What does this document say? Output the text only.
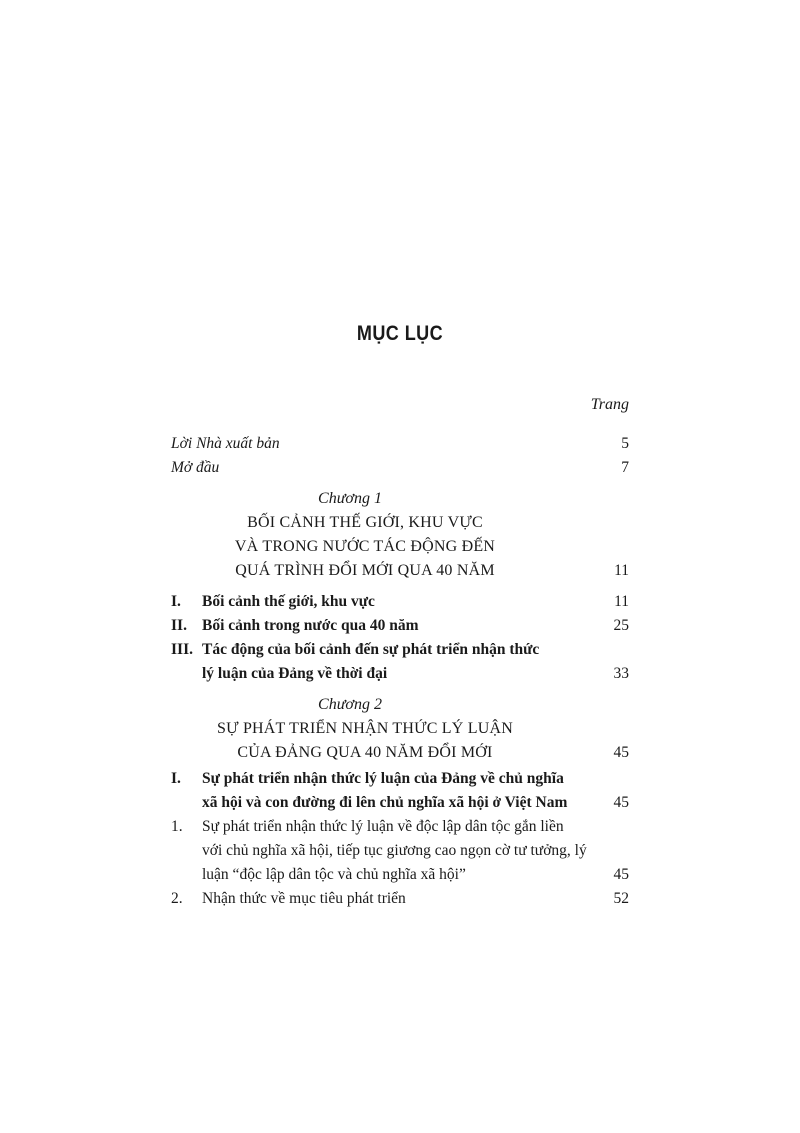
MỤC LỤC
Trang
Lời Nhà xuất bản	5
Mở đầu	7
Chương 1
BỐI CẢNH THẾ GIỚI, KHU VỰC
VÀ TRONG NƯỚC TÁC ĐỘNG ĐẾN
QUÁ TRÌNH ĐỔI MỚI QUA 40 NĂM	11
I. Bối cảnh thế giới, khu vực	11
II. Bối cảnh trong nước qua 40 năm	25
III. Tác động của bối cảnh đến sự phát triển nhận thức
lý luận của Đảng về thời đại	33
Chương 2
SỰ PHÁT TRIỂN NHẬN THỨC LÝ LUẬN
CỦA ĐẢNG QUA 40 NĂM ĐỔI MỚI	45
I. Sự phát triển nhận thức lý luận của Đảng về chủ nghĩa
xã hội và con đường đi lên chủ nghĩa xã hội ở Việt Nam	45
1. Sự phát triển nhận thức lý luận về độc lập dân tộc gắn liền
với chủ nghĩa xã hội, tiếp tục giương cao ngọn cờ tư tưởng, lý
luận “độc lập dân tộc và chủ nghĩa xã hội”	45
2. Nhận thức về mục tiêu phát triển	52
